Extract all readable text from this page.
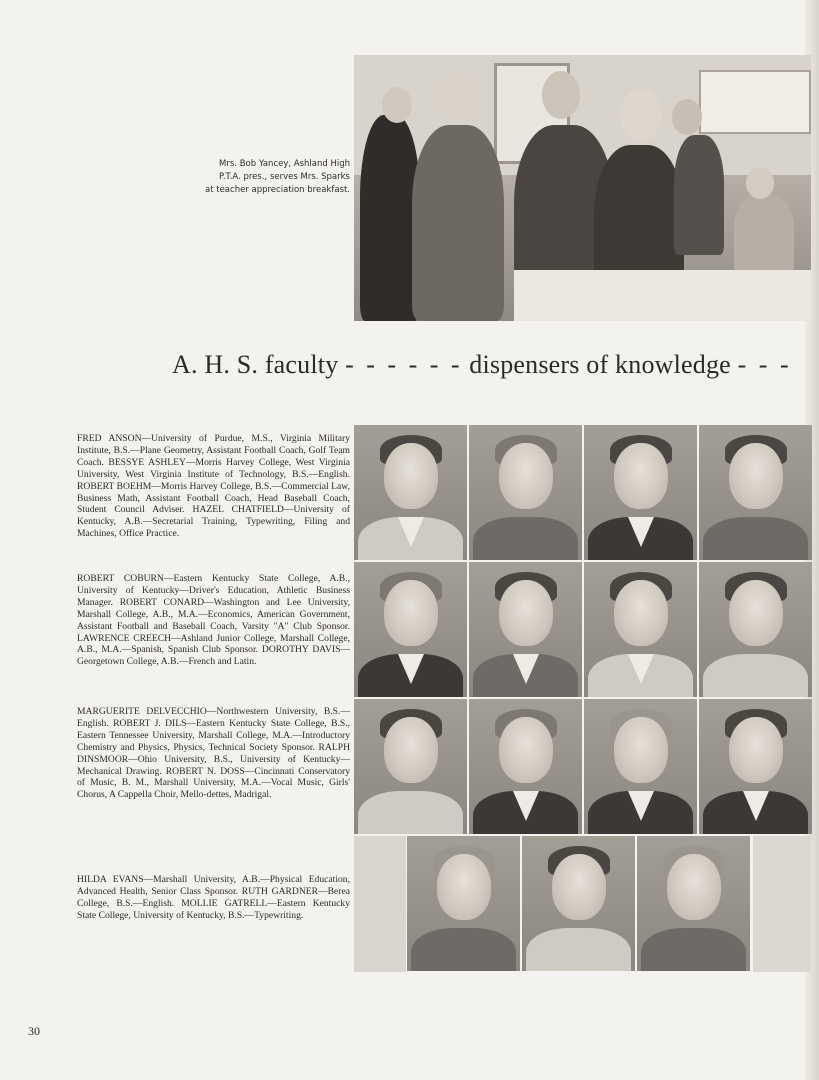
Mrs. Bob Yancey, Ashland High
P.T.A. pres., serves Mrs. Sparks
at teacher appreciation breakfast.
A. H. S. faculty - - - - - - dispensers of knowledge - - -
FRED ANSON—University of Purdue, M.S., Virginia Military Institute, B.S.—Plane Geometry, Assistant Football Coach, Golf Team Coach. BESSYE ASHLEY—Morris Harvey College, West Virginia University, West Virginia Institute of Technology, B.S.—English. ROBERT BOEHM—Morris Harvey College, B.S.—Commercial Law, Business Math, Assistant Football Coach, Head Baseball Coach, Student Council Adviser. HAZEL CHATFIELD—University of Kentucky, A.B.—Secretarial Training, Typewriting, Filing and Machines, Office Practice.
ROBERT COBURN—Eastern Kentucky State College, A.B., University of Kentucky—Driver's Education, Athletic Business Manager. ROBERT CONARD—Washington and Lee University, Marshall College, A.B., M.A.—Economics, American Government, Assistant Football and Baseball Coach, Varsity "A" Club Sponsor. LAWRENCE CREECH—Ashland Junior College, Marshall College, A.B., M.A.—Spanish, Spanish Club Sponsor. DOROTHY DAVIS—Georgetown College, A.B.—French and Latin.
MARGUERITE DELVECCHIO—Northwestern University, B.S.—English. ROBERT J. DILS—Eastern Kentucky State College, B.S., Eastern Tennessee University, Marshall College, M.A.—Introductory Chemistry and Physics, Physics, Technical Society Sponsor. RALPH DINSMOOR—Ohio University, B.S., University of Kentucky—Mechanical Drawing. ROBERT N. DOSS—Cincinnati Conservatory of Music, B. M., Marshall University, M.A.—Vocal Music, Girls' Chorus, A Cappella Choir, Mello-dettes, Madrigal.
HILDA EVANS—Marshall University, A.B.—Physical Education, Advanced Health, Senior Class Sponsor. RUTH GARDNER—Berea College, B.S.—English. MOLLIE GATRELL—Eastern Kentucky State College, University of Kentucky, B.S.—Typewriting.
30
